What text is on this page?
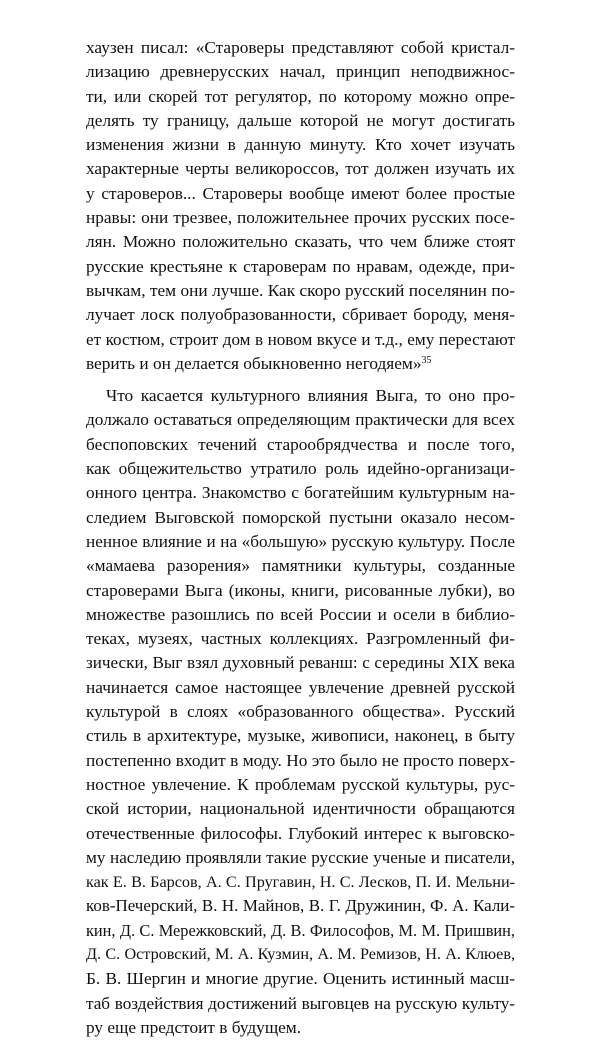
хаузен писал: «Староверы представляют собой кристал-
лизацию древнерусских начал, принцип неподвижнос-
ти, или скорей тот регулятор, по которому можно опре-
делять ту границу, дальше которой не могут достигать
изменения жизни в данную минуту. Кто хочет изучать
характерные черты великороссов, тот должен изучать их
у староверов... Староверы вообще имеют более простые
нравы: они трезвее, положительнее прочих русских посе-
лян. Можно положительно сказать, что чем ближе стоят
русские крестьяне к староверам по нравам, одежде, при-
вычкам, тем они лучше. Как скоро русский поселянин по-
лучает лоск полуобразованности, сбривает бороду, меня-
ет костюм, строит дом в новом вкусе и т.д., ему перестают
верить и он делается обыкновенно негодяем»$^{35}$
Что касается культурного влияния Выга, то оно про-
должало оставаться определяющим практически для всех
беспоповских течений старообрядчества и после того,
как общежительство утратило роль идейно-организаци-
онного центра. Знакомство с богатейшим культурным на-
следием Выговской поморской пустыни оказало несом-
ненное влияние и на «большую» русскую культуру. После
«мамаева разорения» памятники культуры, созданные
староверами Выга (иконы, книги, рисованные лубки), во
множестве разошлись по всей России и осели в библио-
теках, музеях, частных коллекциях. Разгромленный фи-
зически, Выг взял духовный реванш: с середины XIX века
начинается самое настоящее увлечение древней русской
культурой в слоях «образованного общества». Русский
стиль в архитектуре, музыке, живописи, наконец, в быту
постепенно входит в моду. Но это было не просто поверх-
ностное увлечение. К проблемам русской культуры, рус-
ской истории, национальной идентичности обращаются
отечественные философы. Глубокий интерес к выговско-
му наследию проявляли такие русские ученые и писатели,
как Е. В. Барсов, А. С. Пругавин, Н. С. Лесков, П. И. Мельни-
ков-Печерский, В. Н. Майнов, В. Г. Дружинин, Ф. А. Кали-
кин, Д. С. Мережковский, Д. В. Философов, М. М. Пришвин,
Д. С. Островский, М. А. Кузмин, А. М. Ремизов, Н. А. Клюев,
Б. В. Шергин и многие другие. Оценить истинный масш-
таб воздействия достижений выговцев на русскую культу-
ру еще предстоит в будущем.
